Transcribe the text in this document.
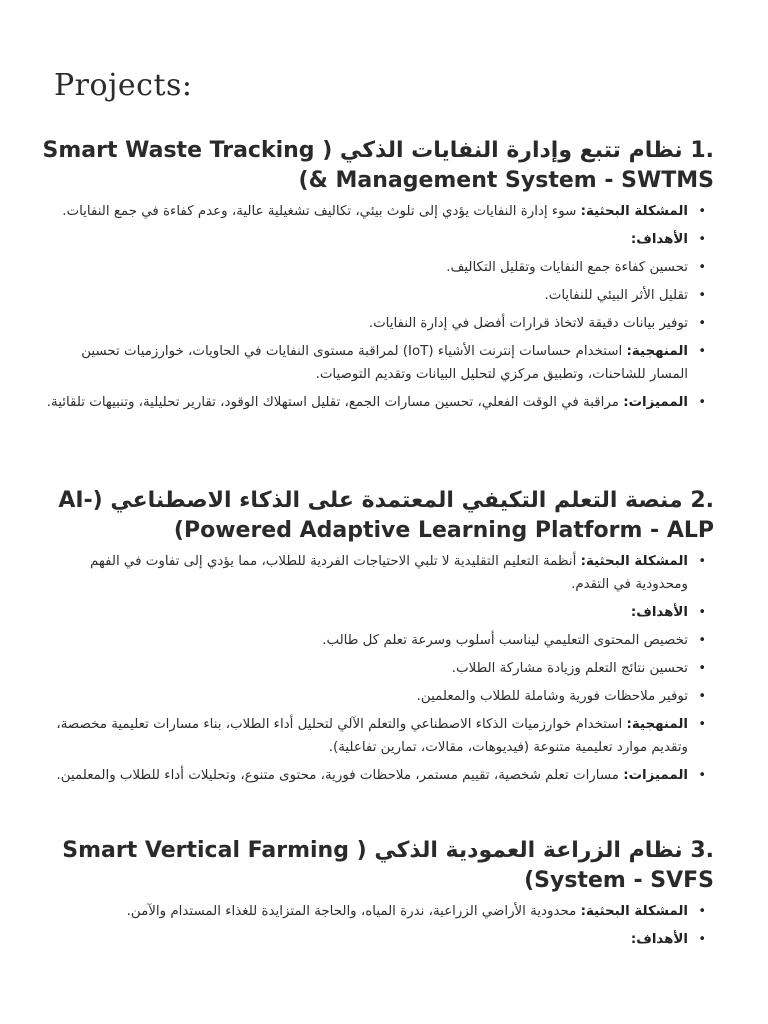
Projects:
.1 نظام تتبع وإدارة النفايات الذكي ( Smart Waste Tracking & Management System - SWTMS)
•
المشكلة البحثية: سوء إدارة النفايات يؤدي إلى تلوث بيئي، تكاليف تشغيلية عالية، وعدم كفاءة في جمع النفايات.
•
الأهداف:
•
تحسين كفاءة جمع النفايات وتقليل التكاليف.
•
تقليل الأثر البيئي للنفايات.
•
توفير بيانات دقيقة لاتخاذ قرارات أفضل في إدارة النفايات.
•
المنهجية: استخدام حساسات إنترنت الأشياء (IoT) لمراقبة مستوى النفايات في الحاويات، خوارزميات تحسين المسار للشاحنات، وتطبيق مركزي لتحليل البيانات وتقديم التوصيات.
•
المميزات: مراقبة في الوقت الفعلي، تحسين مسارات الجمع، تقليل استهلاك الوقود، تقارير تحليلية، وتنبيهات تلقائية.
.2 منصة التعلم التكيفي المعتمدة على الذكاء الاصطناعي (AI-Powered Adaptive Learning Platform - ALP)
•
المشكلة البحثية: أنظمة التعليم التقليدية لا تلبي الاحتياجات الفردية للطلاب، مما يؤدي إلى تفاوت في الفهم ومحدودية في التقدم.
•
الأهداف:
•
تخصيص المحتوى التعليمي ليناسب أسلوب وسرعة تعلم كل طالب.
•
تحسين نتائج التعلم وزيادة مشاركة الطلاب.
•
توفير ملاحظات فورية وشاملة للطلاب والمعلمين.
•
المنهجية: استخدام خوارزميات الذكاء الاصطناعي والتعلم الآلي لتحليل أداء الطلاب، بناء مسارات تعليمية مخصصة، وتقديم موارد تعليمية متنوعة (فيديوهات، مقالات، تمارين تفاعلية).
•
المميزات: مسارات تعلم شخصية، تقييم مستمر، ملاحظات فورية، محتوى متنوع، وتحليلات أداء للطلاب والمعلمين.
.3 نظام الزراعة العمودية الذكي ( Smart Vertical Farming System - SVFS)
•
المشكلة البحثية: محدودية الأراضي الزراعية، ندرة المياه، والحاجة المتزايدة للغذاء المستدام والآمن.
•
الأهداف:
